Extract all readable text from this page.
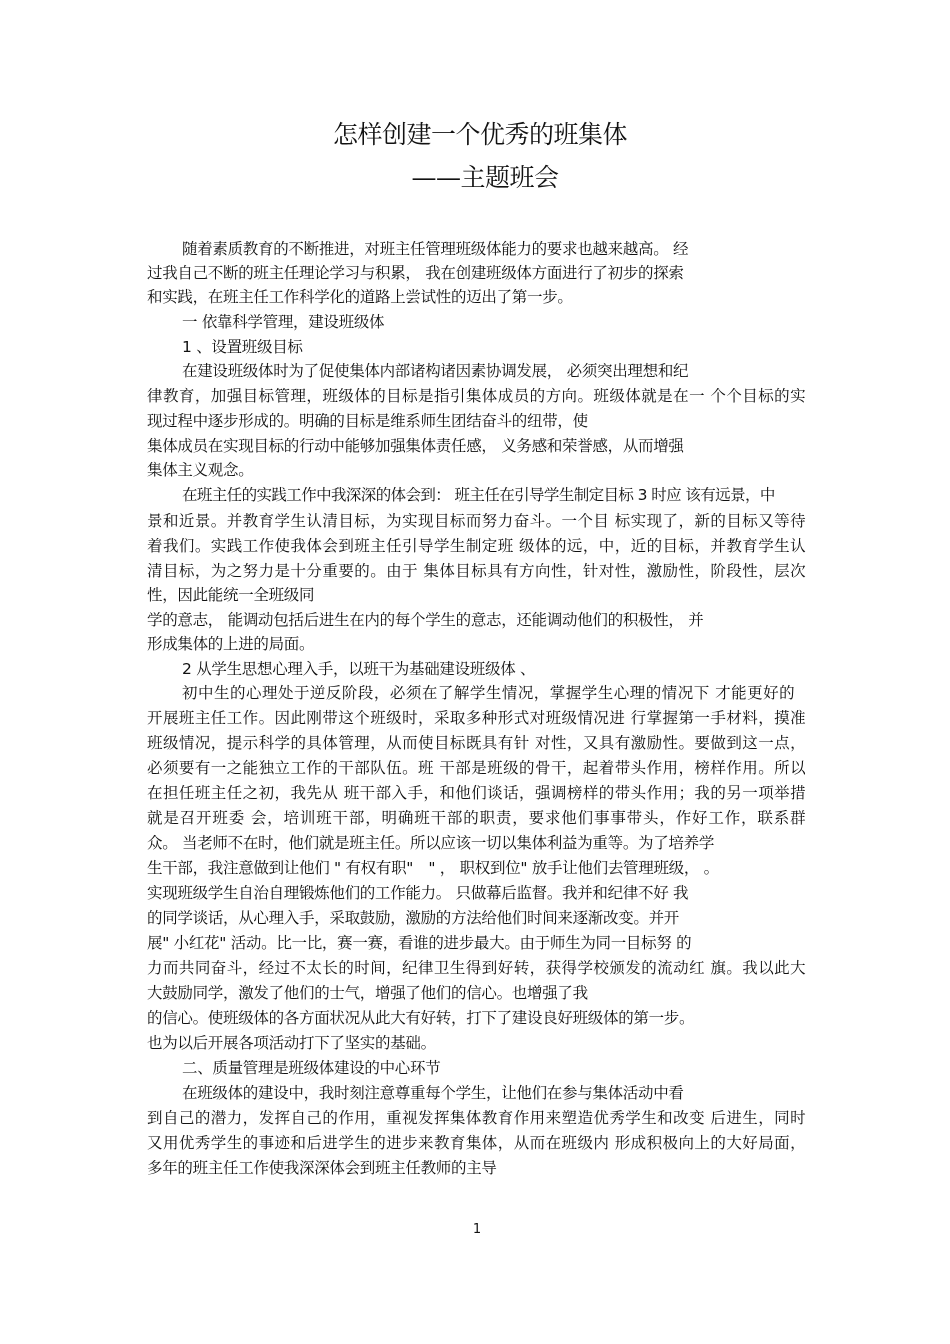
怎样创建一个优秀的班集体
——主题班会
随着素质教育的不断推进，对班主任管理班级体能力的要求也越来越高。 经
过我自己不断的班主任理论学习与积累， 我在创建班级体方面进行了初步的探索
和实践，在班主任工作科学化的道路上尝试性的迈出了第一步。
一 依靠科学管理，建设班级体
1 、设置班级目标
在建设班级体时为了促使集体内部诸构诸因素协调发展， 必须突出理想和纪
律教育，加强目标管理，班级体的目标是指引集体成员的方向。班级体就是在一 个个目标的实
现过程中逐步形成的。明确的目标是维系师生团结奋斗的纽带，使
集体成员在实现目标的行动中能够加强集体责任感， 义务感和荣誉感，从而增强
集体主义观念。
在班主任的实践工作中我深深的体会到： 班主任在引导学生制定目标 3 时应 该有远景，中
景和近景。并教育学生认清目标，为实现目标而努力奋斗。一个目 标实现了，新的目标又等待
着我们。实践工作使我体会到班主任引导学生制定班 级体的远，中，近的目标，并教育学生认
清目标，为之努力是十分重要的。由于 集体目标具有方向性，针对性，激励性，阶段性，层次
性，因此能统一全班级同
学的意志， 能调动包括后进生在内的每个学生的意志，还能调动他们的积极性， 并
形成集体的上进的局面。
2 从学生思想心理入手，以班干为基础建设班级体 、
初中生的心理处于逆反阶段，必须在了解学生情况，掌握学生心理的情况下 才能更好的
开展班主任工作。因此刚带这个班级时，采取多种形式对班级情况进 行掌握第一手材料，摸准
班级情况，提示科学的具体管理，从而使目标既具有针 对性，又具有激励性。要做到这一点，
必须要有一之能独立工作的干部队伍。班 干部是班级的骨干，起着带头作用，榜样作用。所以
在担任班主任之初，我先从 班干部入手，和他们谈话，强调榜样的带头作用；我的另一项举措
就是召开班委 会，培训班干部，明确班干部的职责，要求他们事事带头，作好工作，联系群
众。 当老师不在时，他们就是班主任。所以应该一切以集体利益为重等。为了培养学
生干部，我注意做到让他们 " 有权有职"　" ， 职权到位" 放手让他们去管理班级， 。
实现班级学生自治自理锻炼他们的工作能力。 只做幕后监督。我并和纪律不好 我
的同学谈话，从心理入手，采取鼓励，激励的方法给他们时间来逐渐改变。并开
展" 小红花" 活动。比一比，赛一赛，看谁的进步最大。由于师生为同一目标努 的
力而共同奋斗，经过不太长的时间，纪律卫生得到好转，获得学校颁发的流动红 旗。我以此大
大鼓励同学，激发了他们的士气，增强了他们的信心。也增强了我
的信心。使班级体的各方面状况从此大有好转，打下了建设良好班级体的第一步。
也为以后开展各项活动打下了坚实的基础。
二、质量管理是班级体建设的中心环节
在班级体的建设中，我时刻注意尊重每个学生，让他们在参与集体活动中看
到自己的潜力，发挥自己的作用，重视发挥集体教育作用来塑造优秀学生和改变 后进生，同时
又用优秀学生的事迹和后进学生的进步来教育集体，从而在班级内 形成积极向上的大好局面，
多年的班主任工作使我深深体会到班主任教师的主导
1
